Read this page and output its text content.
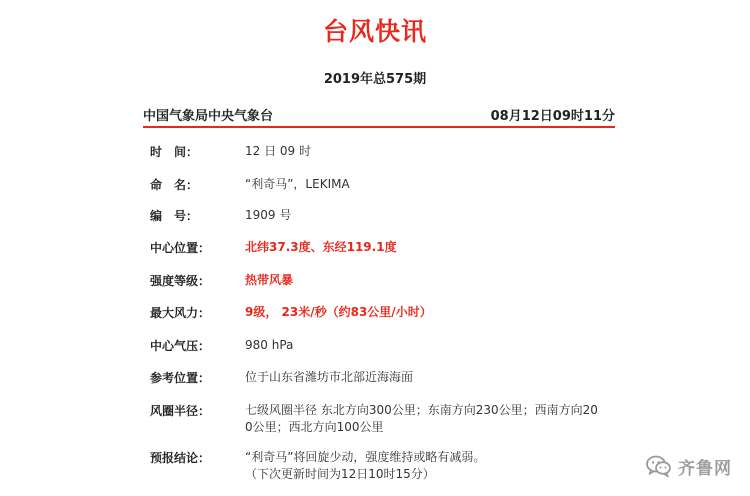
台风快讯
2019年总575期
中国气象局中央气象台	08月12日09时11分
时　间：	12 日 09 时
命　名：	“利奇马”，LEKIMA
编　号：	1909 号
中心位置：	北纬37.3度、东经119.1度
强度等级：	热带风暴
最大风力：	9级， 23米/秒（约83公里/小时）
中心气压：	980 hPa
参考位置：	位于山东省潍坊市北部近海海面
风圈半径：	七级风圈半径 东北方向300公里；东南方向230公里；西南方向20
0公里；西北方向100公里
预报结论：	“利奇马”将回旋少动，强度维持或略有减弱。
（下次更新时间为12日10时15分）	齐鲁网
